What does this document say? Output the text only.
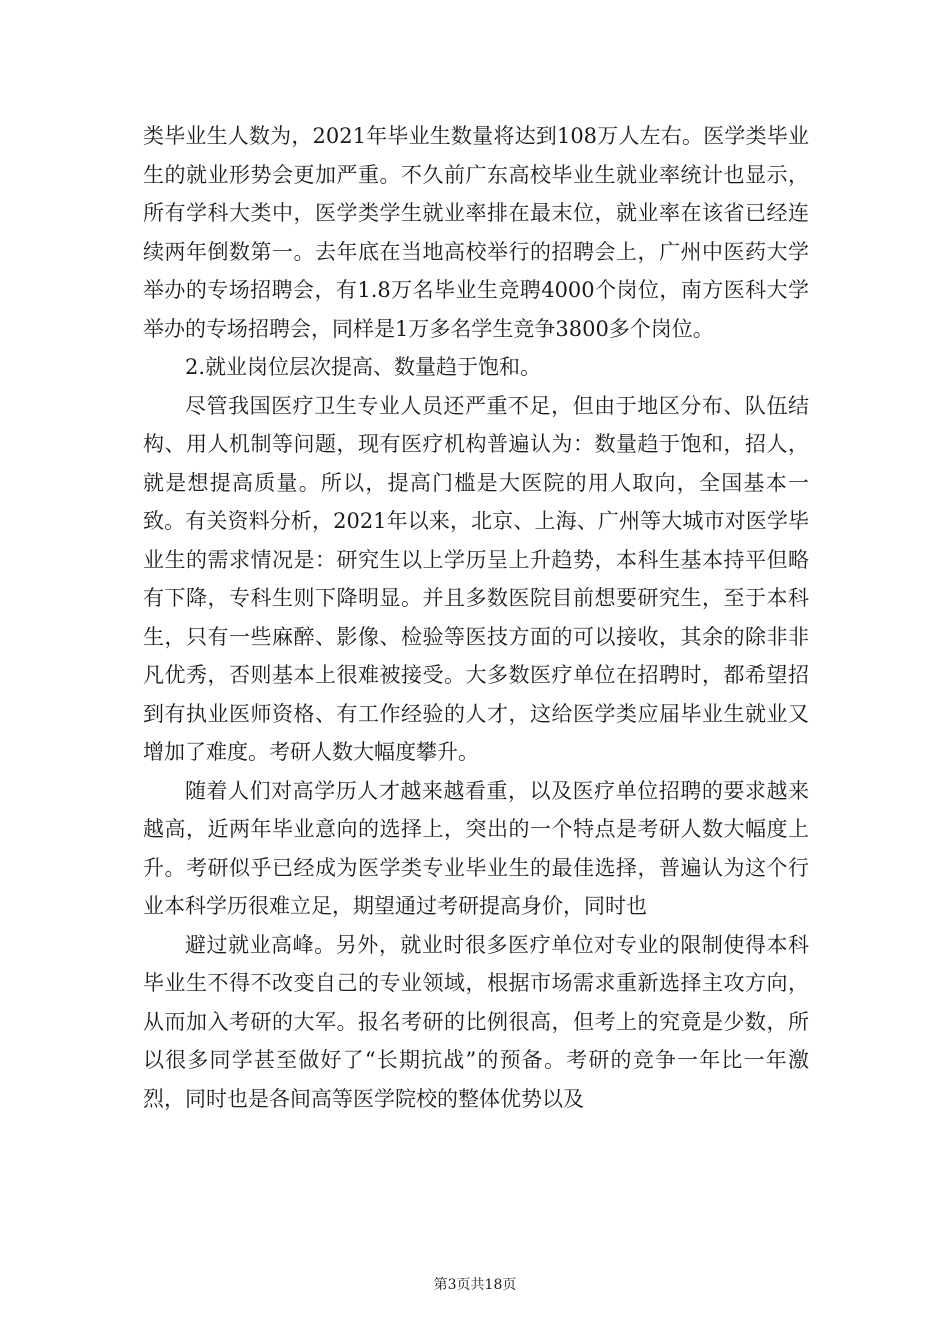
类毕业生人数为，2021年毕业生数量将达到108万人左右。医学类毕业生的就业形势会更加严重。不久前广东高校毕业生就业率统计也显示，所有学科大类中，医学类学生就业率排在最末位，就业率在该省已经连续两年倒数第一。去年底在当地高校举行的招聘会上，广州中医药大学举办的专场招聘会，有1.8万名毕业生竞聘4000个岗位，南方医科大学举办的专场招聘会，同样是1万多名学生竞争3800多个岗位。

2.就业岗位层次提高、数量趋于饱和。

尽管我国医疗卫生专业人员还严重不足，但由于地区分布、队伍结构、用人机制等问题，现有医疗机构普遍认为：数量趋于饱和，招人，就是想提高质量。所以，提高门槛是大医院的用人取向，全国基本一致。有关资料分析，2021年以来，北京、上海、广州等大城市对医学毕业生的需求情况是：研究生以上学历呈上升趋势，本科生基本持平但略有下降，专科生则下降明显。并且多数医院目前想要研究生，至于本科生，只有一些麻醉、影像、检验等医技方面的可以接收，其余的除非非凡优秀，否则基本上很难被接受。大多数医疗单位在招聘时，都希望招到有执业医师资格、有工作经验的人才，这给医学类应届毕业生就业又增加了难度。考研人数大幅度攀升。

随着人们对高学历人才越来越看重，以及医疗单位招聘的要求越来越高，近两年毕业意向的选择上，突出的一个特点是考研人数大幅度上升。考研似乎已经成为医学类专业毕业生的最佳选择，普遍认为这个行业本科学历很难立足，期望通过考研提高身价，同时也

避过就业高峰。另外，就业时很多医疗单位对专业的限制使得本科毕业生不得不改变自己的专业领域，根据市场需求重新选择主攻方向，从而加入考研的大军。报名考研的比例很高，但考上的究竟是少数，所以很多同学甚至做好了“长期抗战”的预备。考研的竞争一年比一年激烈，同时也是各间高等医学院校的整体优势以及

第3页共18页
